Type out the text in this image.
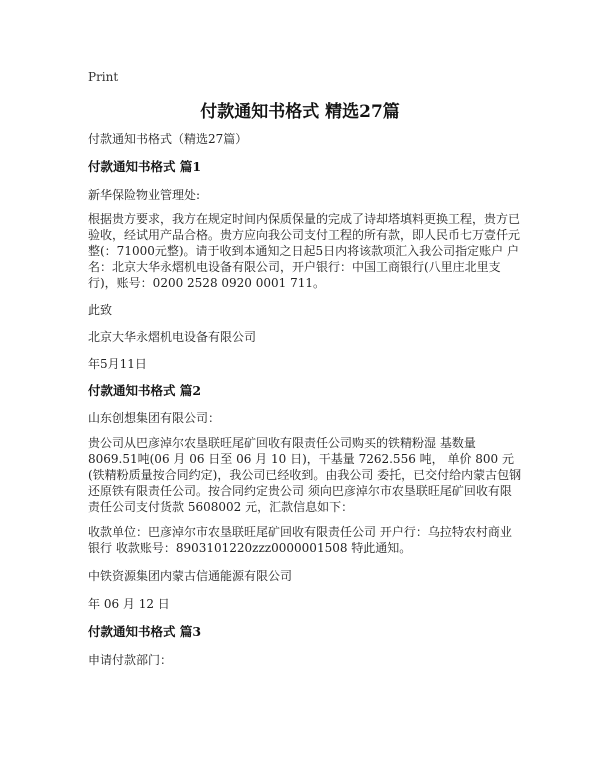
Print
付款通知书格式 精选27篇
付款通知书格式（精选27篇）
付款通知书格式 篇1
新华保险物业管理处:
根据贵方要求，我方在规定时间内保质保量的完成了诗却塔填料更换工程，贵方已验收，经试用产品合格。贵方应向我公司支付工程的所有款，即人民币七万壹仟元整(：71000元整)。请于收到本通知之日起5日内将该款项汇入我公司指定账户 户名：北京大华永熠机电设备有限公司，开户银行：中国工商银行(八里庄北里支行)，账号：0200 2528 0920 0001 711。
此致
北京大华永熠机电设备有限公司
年5月11日
付款通知书格式 篇2
山东创想集团有限公司：
贵公司从巴彦淖尔农垦联旺尾矿回收有限责任公司购买的铁精粉湿 基数量 8069.51吨(06 月 06 日至 06 月 10 日)，干基量 7262.556 吨， 单价 800 元(铁精粉质量按合同约定)，我公司已经收到。由我公司 委托，已交付给内蒙古包钢还原铁有限责任公司。按合同约定贵公司 须向巴彦淖尔市农垦联旺尾矿回收有限责任公司支付货款 5608002 元，汇款信息如下：
收款单位：巴彦淖尔市农垦联旺尾矿回收有限责任公司 开户行：乌拉特农村商业银行 收款账号：8903101220zzz0000001508 特此通知。
中铁资源集团内蒙古信通能源有限公司
年 06 月 12 日
付款通知书格式 篇3
申请付款部门：
